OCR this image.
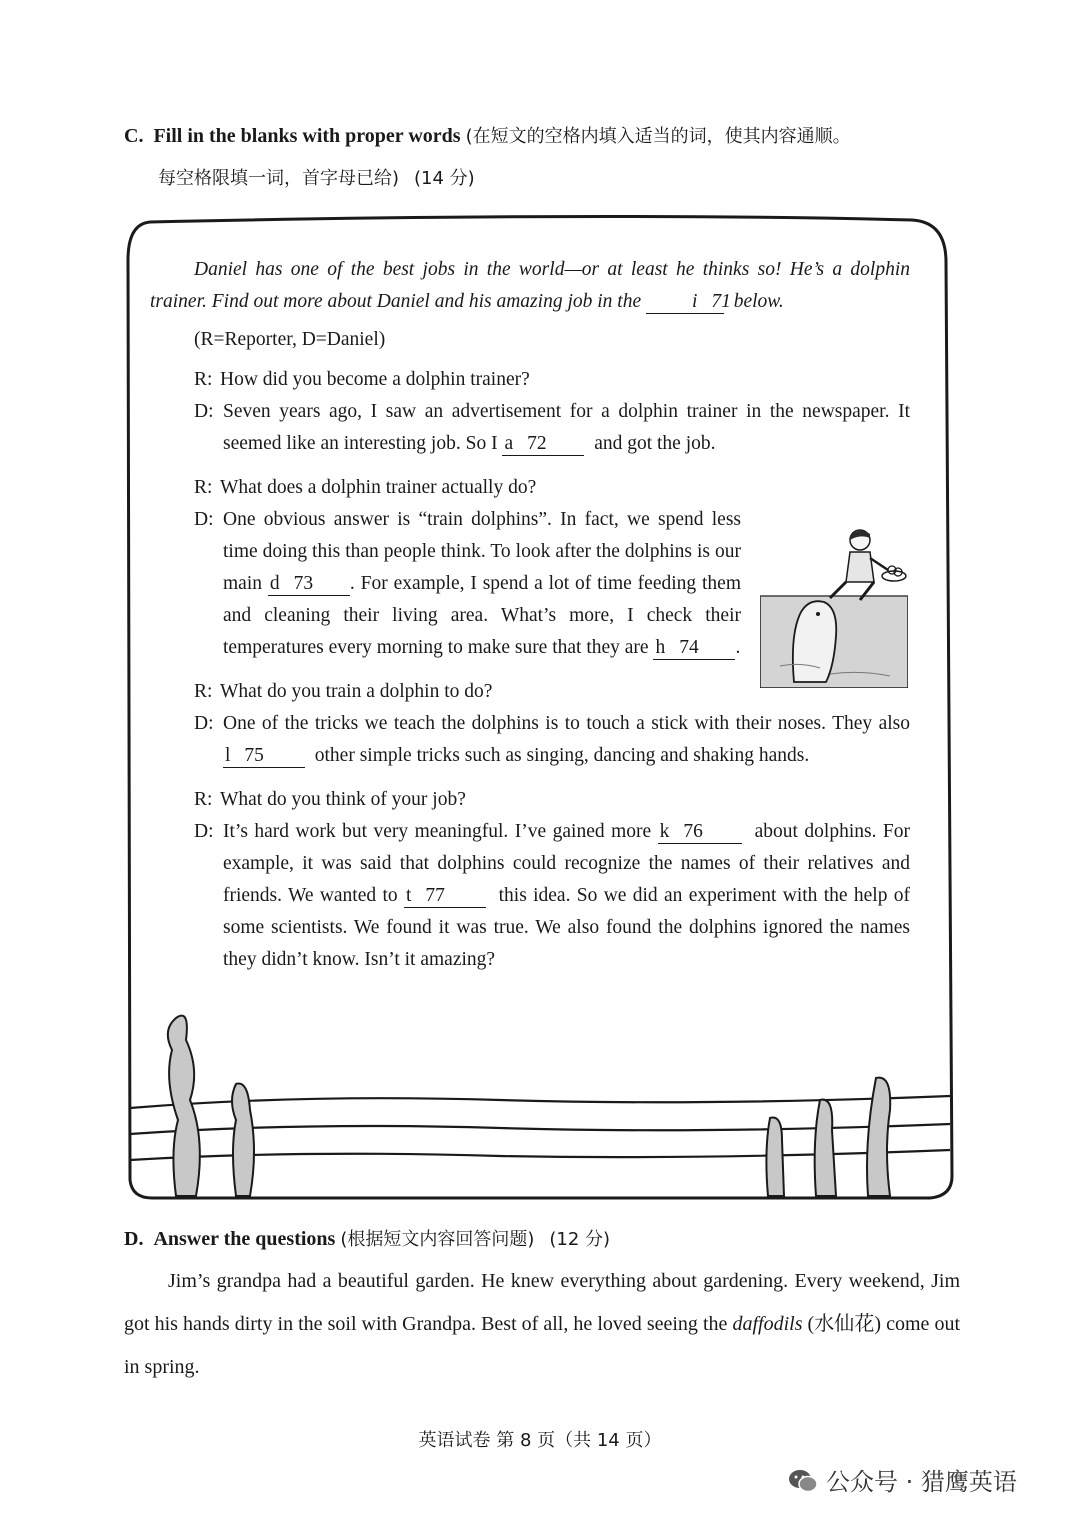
C. Fill in the blanks with proper words (在短文的空格内填入适当的词，使其内容通顺。
每空格限填一词，首字母已给) (14 分)

Daniel has one of the best jobs in the world—or at least he thinks so! He’s a dolphin trainer. Find out more about Daniel and his amazing job in the	i 71 below.

(R=Reporter, D=Daniel)

R: How did you become a dolphin trainer?

D: Seven years ago, I saw an advertisement for a dolphin trainer in the newspaper. It seemed like an interesting job. So I a 72 and got the job.

R: What does a dolphin trainer actually do?

D: One obvious answer is “train dolphins”. In fact, we spend less time doing this than people think. To look after the dolphins is our main d 73 . For example, I spend a lot of time feeding them and cleaning their living area. What’s more, I check their temperatures every morning to make sure that they are h 74 .

R: What do you train a dolphin to do?

D: One of the tricks we teach the dolphins is to touch a stick with their noses. They also l 75	other simple tricks such as singing, dancing and shaking hands.

R: What do you think of your job?

D: It’s hard work but very meaningful. I’ve gained more k 76	about dolphins. For example, it was said that dolphins could recognize the names of their relatives and friends. We wanted to t 77	this idea. So we did an experiment with the help of some scientists. We found it was true. We also found the dolphins ignored the names they didn’t know. Isn’t it amazing?

D. Answer the questions (根据短文内容回答问题) (12 分)
Jim’s grandpa had a beautiful garden. He knew everything about gardening. Every weekend, Jim got his hands dirty in the soil with Grandpa. Best of all, he loved seeing the daffodils (水仙花) come out in spring.
英语试卷 第 8 页（共 14 页）
公众号 · 猎鹰英语
